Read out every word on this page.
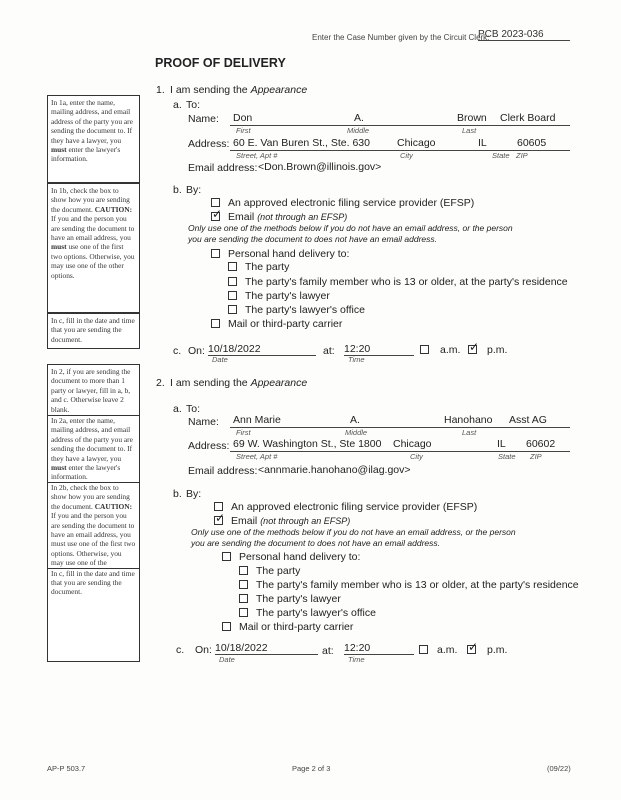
Enter the Case Number given by the Circuit Clerk:
PCB 2023-036
PROOF OF DELIVERY
In 1a, enter the name, mailing address, and email address of the party you are sending the document to. If they have a lawyer, you must enter the lawyer's information.
In 1b, check the box to show how you are sending the document. CAUTION: If you and the person you are sending the document to have an email address, you must use one of the first two options. Otherwise, you may use one of the other options.
In c, fill in the date and time that you are sending the document.
In 2, if you are sending the document to more than 1 party or lawyer, fill in a, b, and c. Otherwise leave 2 blank.
In 2a, enter the name, mailing address, and email address of the party you are sending the document to. If they have a lawyer, you must enter the lawyer's information.
In 2b, check the box to show how you are sending the document. CAUTION: If you and the person you are sending the document to have an email address, you must use one of the first two options. Otherwise, you may use one of the
In c, fill in the date and time that you are sending the document.
1. I am sending the Appearance
a. To:
Name: Don	A.	Brown Clerk Board
First	Middle	Last
Address: 60 E. Van Buren St., Ste. 630	Chicago	IL	60605
Street, Apt #	City	State ZIP
Email address: <Don.Brown@illinois.gov>
b. By:
An approved electronic filing service provider (EFSP)
✓ Email (not through an EFSP)
Only use one of the methods below if you do not have an email address, or the person you are sending the document to does not have an email address.
Personal hand delivery to:
The party
The party's family member who is 13 or older, at the party's residence
The party's lawyer
The party's lawyer's office
Mail or third-party carrier
c. On: 10/18/2022
Date
at: 12:20
Time
a.m. ✓ p.m.
2. I am sending the Appearance
a. To:
Name: Ann Marie	A.	Hanohano Asst AG
First	Middle	Last
Address: 69 W. Washington St., Ste 1800 Chicago	IL 60602
Street, Apt #	City	State ZIP
Email address: <annmarie.hanohano@ilag.gov>
b. By:
An approved electronic filing service provider (EFSP)
✓ Email (not through an EFSP)
Only use one of the methods below if you do not have an email address, or the person you are sending the document to does not have an email address.
Personal hand delivery to:
The party
The party's family member who is 13 or older, at the party's residence
The party's lawyer
The party's lawyer's office
Mail or third-party carrier
c. On: 10/18/2022
Date
at: 12:20
Time
a.m. ✓ p.m.
AP-P 503.7	Page 2 of 3	(09/22)
